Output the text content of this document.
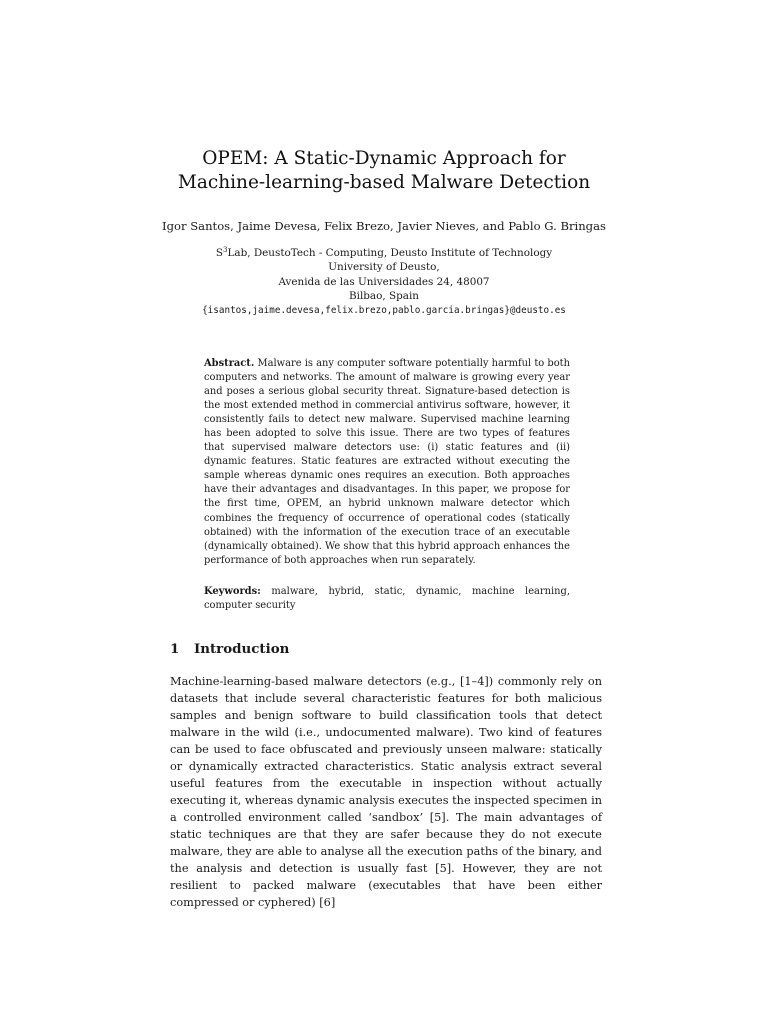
OPEM: A Static-Dynamic Approach for
Machine-learning-based Malware Detection
Igor Santos, Jaime Devesa, Felix Brezo, Javier Nieves, and Pablo G. Bringas
$S^3Lab$, DeustoTech - Computing, Deusto Institute of Technology
University of Deusto,
Avenida de las Universidades 24, 48007
Bilbao, Spain
{isantos,jaime.devesa,felix.brezo,pablo.garcia.bringas}@deusto.es

Abstract. Malware is any computer software potentially harmful to both computers and networks. The amount of malware is growing every year and poses a serious global security threat. Signature-based detection is the most extended method in commercial antivirus software, however, it consistently fails to detect new malware. Supervised machine learning has been adopted to solve this issue. There are two types of features that supervised malware detectors use: (i) static features and (ii) dynamic features. Static features are extracted without executing the sample whereas dynamic ones requires an execution. Both approaches have their advantages and disadvantages. In this paper, we propose for the first time, OPEM, an hybrid unknown malware detector which combines the frequency of occurrence of operational codes (statically obtained) with the information of the execution trace of an executable (dynamically obtained). We show that this hybrid approach enhances the performance of both approaches when run separately.

Keywords: malware, hybrid, static, dynamic, machine learning, computer security

1 Introduction

Machine-learning-based malware detectors (e.g., [1–4]) commonly rely on datasets that include several characteristic features for both malicious samples and benign software to build classification tools that detect malware in the wild (i.e., undocumented malware). Two kind of features can be used to face obfuscated and previously unseen malware: statically or dynamically extracted characteristics. Static analysis extract several useful features from the executable in inspection without actually executing it, whereas dynamic analysis executes the inspected specimen in a controlled environment called ‘sandbox’ [5]. The main advantages of static techniques are that they are safer because they do not execute malware, they are able to analyse all the execution paths of the binary, and the analysis and detection is usually fast [5]. However, they are not resilient to packed malware (executables that have been either compressed or cyphered) [6]
